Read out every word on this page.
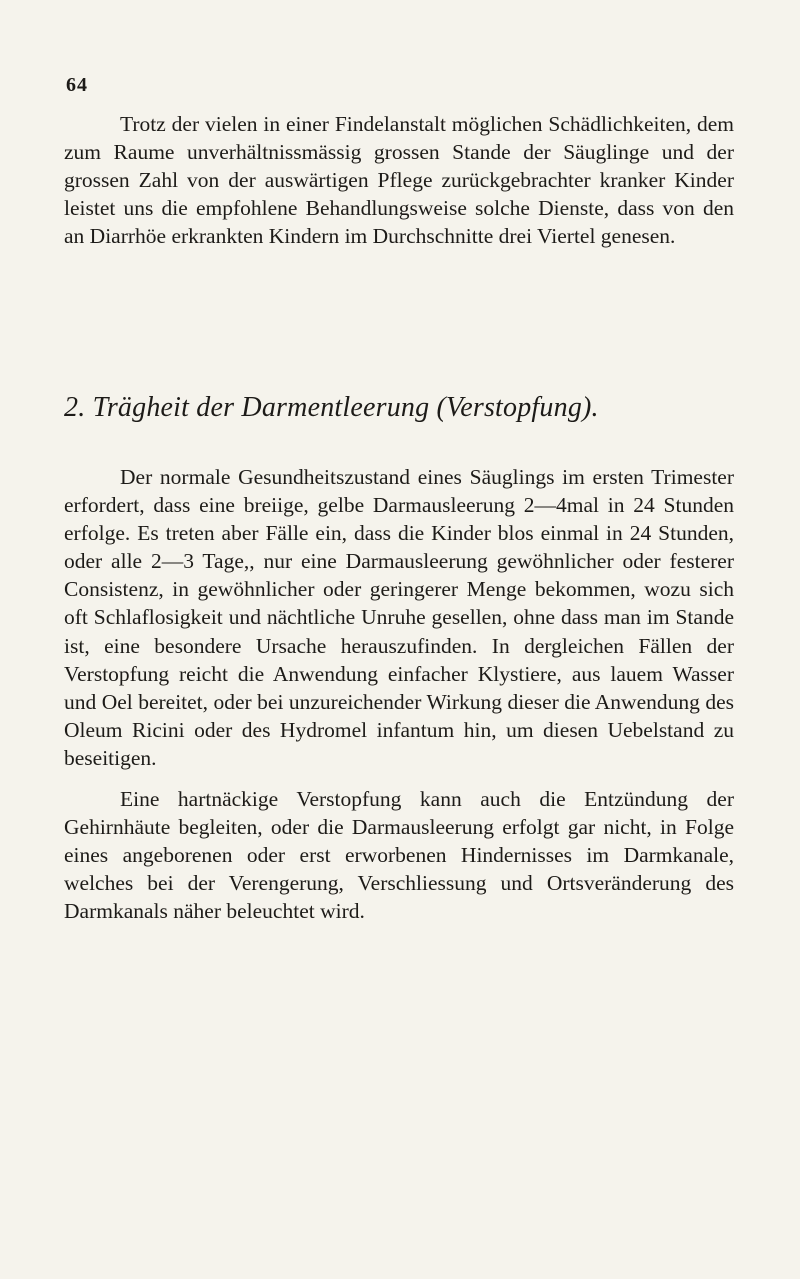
64

Trotz der vielen in einer Findelanstalt möglichen Schädlichkeiten, dem zum Raume unverhältnissmässig grossen Stande der Säuglinge und der grossen Zahl von der auswärtigen Pflege zurückgebrachter kranker Kinder leistet uns die empfohlene Behandlungsweise solche Dienste, dass von den an Diarrhöe erkrankten Kindern im Durchschnitte drei Viertel genesen.

2. Trägheit der Darmentleerung (Verstopfung).

Der normale Gesundheitszustand eines Säuglings im ersten Trimester erfordert, dass eine breiige, gelbe Darmausleerung 2—4mal in 24 Stunden erfolge. Es treten aber Fälle ein, dass die Kinder blos einmal in 24 Stunden, oder alle 2—3 Tage,, nur eine Darmausleerung gewöhnlicher oder festerer Consistenz, in gewöhnlicher oder geringerer Menge bekommen, wozu sich oft Schlaflosigkeit und nächtliche Unruhe gesellen, ohne dass man im Stande ist, eine besondere Ursache herauszufinden. In dergleichen Fällen der Verstopfung reicht die Anwendung einfacher Klystiere, aus lauem Wasser und Oel bereitet, oder bei unzureichender Wirkung dieser die Anwendung des Oleum Ricini oder des Hydromel infantum hin, um diesen Uebelstand zu beseitigen.

Eine hartnäckige Verstopfung kann auch die Entzündung der Gehirnhäute begleiten, oder die Darmausleerung erfolgt gar nicht, in Folge eines angeborenen oder erst erworbenen Hindernisses im Darmkanale, welches bei der Verengerung, Verschliessung und Ortsveränderung des Darmkanals näher beleuchtet wird.
